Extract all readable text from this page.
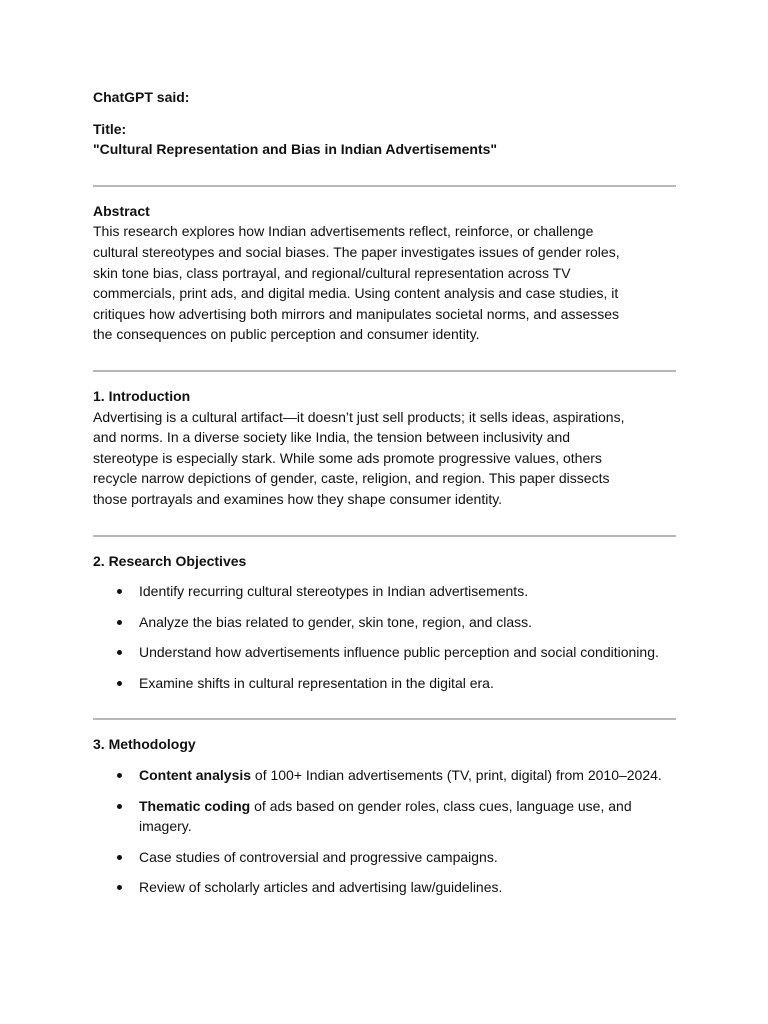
ChatGPT said:

Title:

"Cultural Representation and Bias in Indian Advertisements"

Abstract

This research explores how Indian advertisements reflect, reinforce, or challenge

cultural stereotypes and social biases. The paper investigates issues of gender roles,

skin tone bias, class portrayal, and regional/cultural representation across TV

commercials, print ads, and digital media. Using content analysis and case studies, it

critiques how advertising both mirrors and manipulates societal norms, and assesses

the consequences on public perception and consumer identity.

1. Introduction

Advertising is a cultural artifact—it doesn’t just sell products; it sells ideas, aspirations,

and norms. In a diverse society like India, the tension between inclusivity and

stereotype is especially stark. While some ads promote progressive values, others

recycle narrow depictions of gender, caste, religion, and region. This paper dissects

those portrayals and examines how they shape consumer identity.

2. Research Objectives

Identify recurring cultural stereotypes in Indian advertisements.
Analyze the bias related to gender, skin tone, region, and class.
Understand how advertisements influence public perception and social conditioning.
Examine shifts in cultural representation in the digital era.

3. Methodology

Content analysis of 100+ Indian advertisements (TV, print, digital) from 2010–2024.
Thematic coding of ads based on gender roles, class cues, language use, and imagery.
Case studies of controversial and progressive campaigns.
Review of scholarly articles and advertising law/guidelines.
